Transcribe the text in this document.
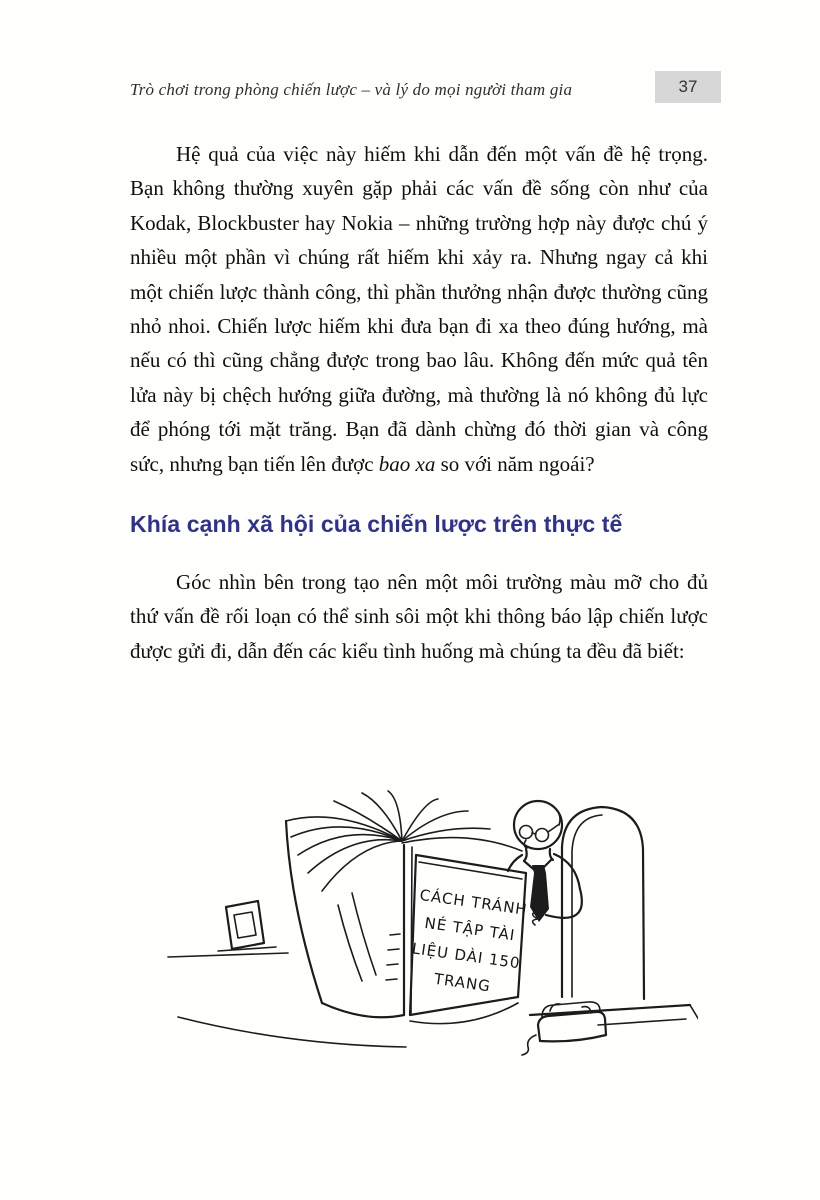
Trò chơi trong phòng chiến lược – và lý do mọi người tham gia	37

Hệ quả của việc này hiếm khi dẫn đến một vấn đề hệ trọng. Bạn không thường xuyên gặp phải các vấn đề sống còn như của Kodak, Blockbuster hay Nokia – những trường hợp này được chú ý nhiều một phần vì chúng rất hiếm khi xảy ra. Nhưng ngay cả khi một chiến lược thành công, thì phần thưởng nhận được thường cũng nhỏ nhoi. Chiến lược hiếm khi đưa bạn đi xa theo đúng hướng, mà nếu có thì cũng chẳng được trong bao lâu. Không đến mức quả tên lửa này bị chệch hướng giữa đường, mà thường là nó không đủ lực để phóng tới mặt trăng. Bạn đã dành chừng đó thời gian và công sức, nhưng bạn tiến lên được bao xa so với năm ngoái?

Khía cạnh xã hội của chiến lược trên thực tế

Góc nhìn bên trong tạo nên một môi trường màu mỡ cho đủ thứ vấn đề rối loạn có thể sinh sôi một khi thông báo lập chiến lược được gửi đi, dẫn đến các kiểu tình huống mà chúng ta đều đã biết:

CÁCH TRÁNH
NÉ TẬP TÀI
LIỆU DÀI 150
TRANG
